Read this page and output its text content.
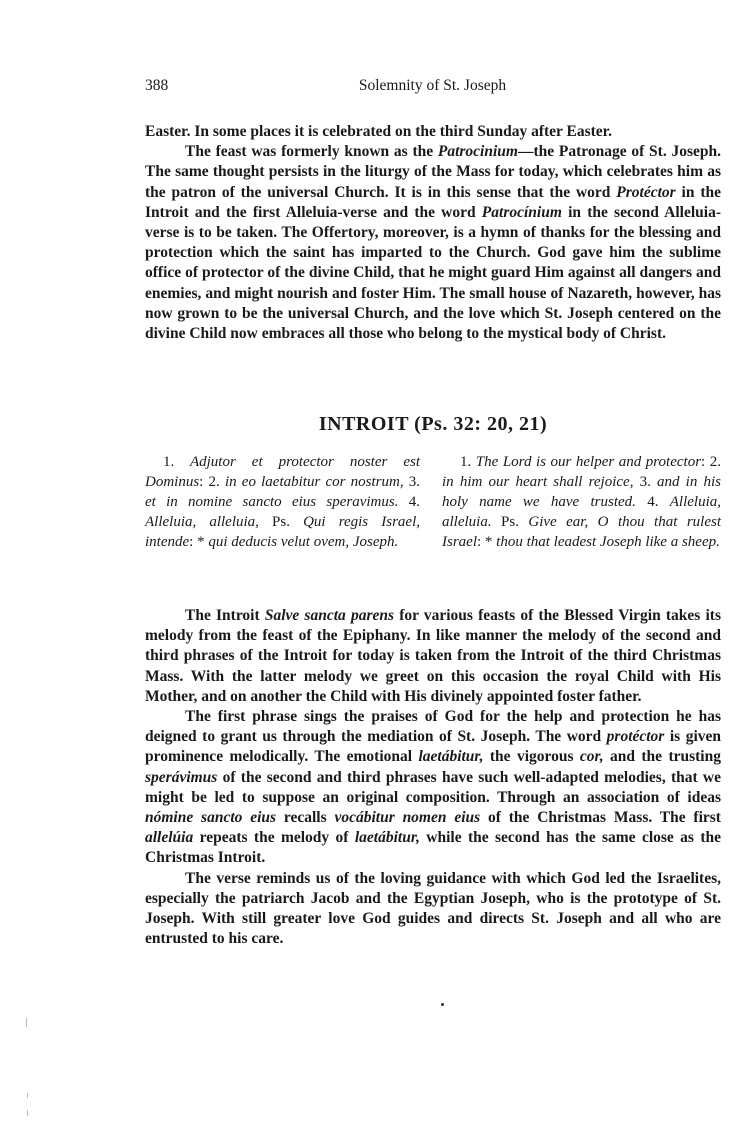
388	Solemnity of St. Joseph

Easter. In some places it is celebrated on the third Sunday after Easter.

The feast was formerly known as the Patrocinium—the Patronage of St. Joseph. The same thought persists in the liturgy of the Mass for today, which celebrates him as the patron of the universal Church. It is in this sense that the word Protéctor in the Introit and the first Alleluia-verse and the word Patrocínium in the second Alleluia-verse is to be taken. The Offertory, moreover, is a hymn of thanks for the blessing and protection which the saint has imparted to the Church. God gave him the sublime office of protector of the divine Child, that he might guard Him against all dangers and enemies, and might nourish and foster Him. The small house of Nazareth, however, has now grown to be the universal Church, and the love which St. Joseph centered on the divine Child now embraces all those who belong to the mystical body of Christ.

INTROIT (Ps. 32: 20, 21)

1. Adjutor et protector noster est Dominus: 2. in eo laetabitur cor nostrum, 3. et in nomine sancto eius speravimus. 4. Alleluia, alleluia, Ps. Qui regis Israel, intende: * qui deducis velut ovem, Joseph.

1. The Lord is our helper and protector: 2. in him our heart shall rejoice, 3. and in his holy name we have trusted. 4. Alleluia, alleluia. Ps. Give ear, O thou that rulest Israel: * thou that leadest Joseph like a sheep.

The Introit Salve sancta parens for various feasts of the Blessed Virgin takes its melody from the feast of the Epiphany. In like manner the melody of the second and third phrases of the Introit for today is taken from the Introit of the third Christmas Mass. With the latter melody we greet on this occasion the royal Child with His Mother, and on another the Child with His divinely appointed foster father.

The first phrase sings the praises of God for the help and protection he has deigned to grant us through the mediation of St. Joseph. The word protéctor is given prominence melodically. The emotional laetábitur, the vigorous cor, and the trusting sperávimus of the second and third phrases have such well-adapted melodies, that we might be led to suppose an original composition. Through an association of ideas nómine sancto eius recalls vocábitur nomen eius of the Christmas Mass. The first allelúia repeats the melody of laetábitur, while the second has the same close as the Christmas Introit.

The verse reminds us of the loving guidance with which God led the Israelites, especially the patriarch Jacob and the Egyptian Joseph, who is the prototype of St. Joseph. With still greater love God guides and directs St. Joseph and all who are entrusted to his care.
